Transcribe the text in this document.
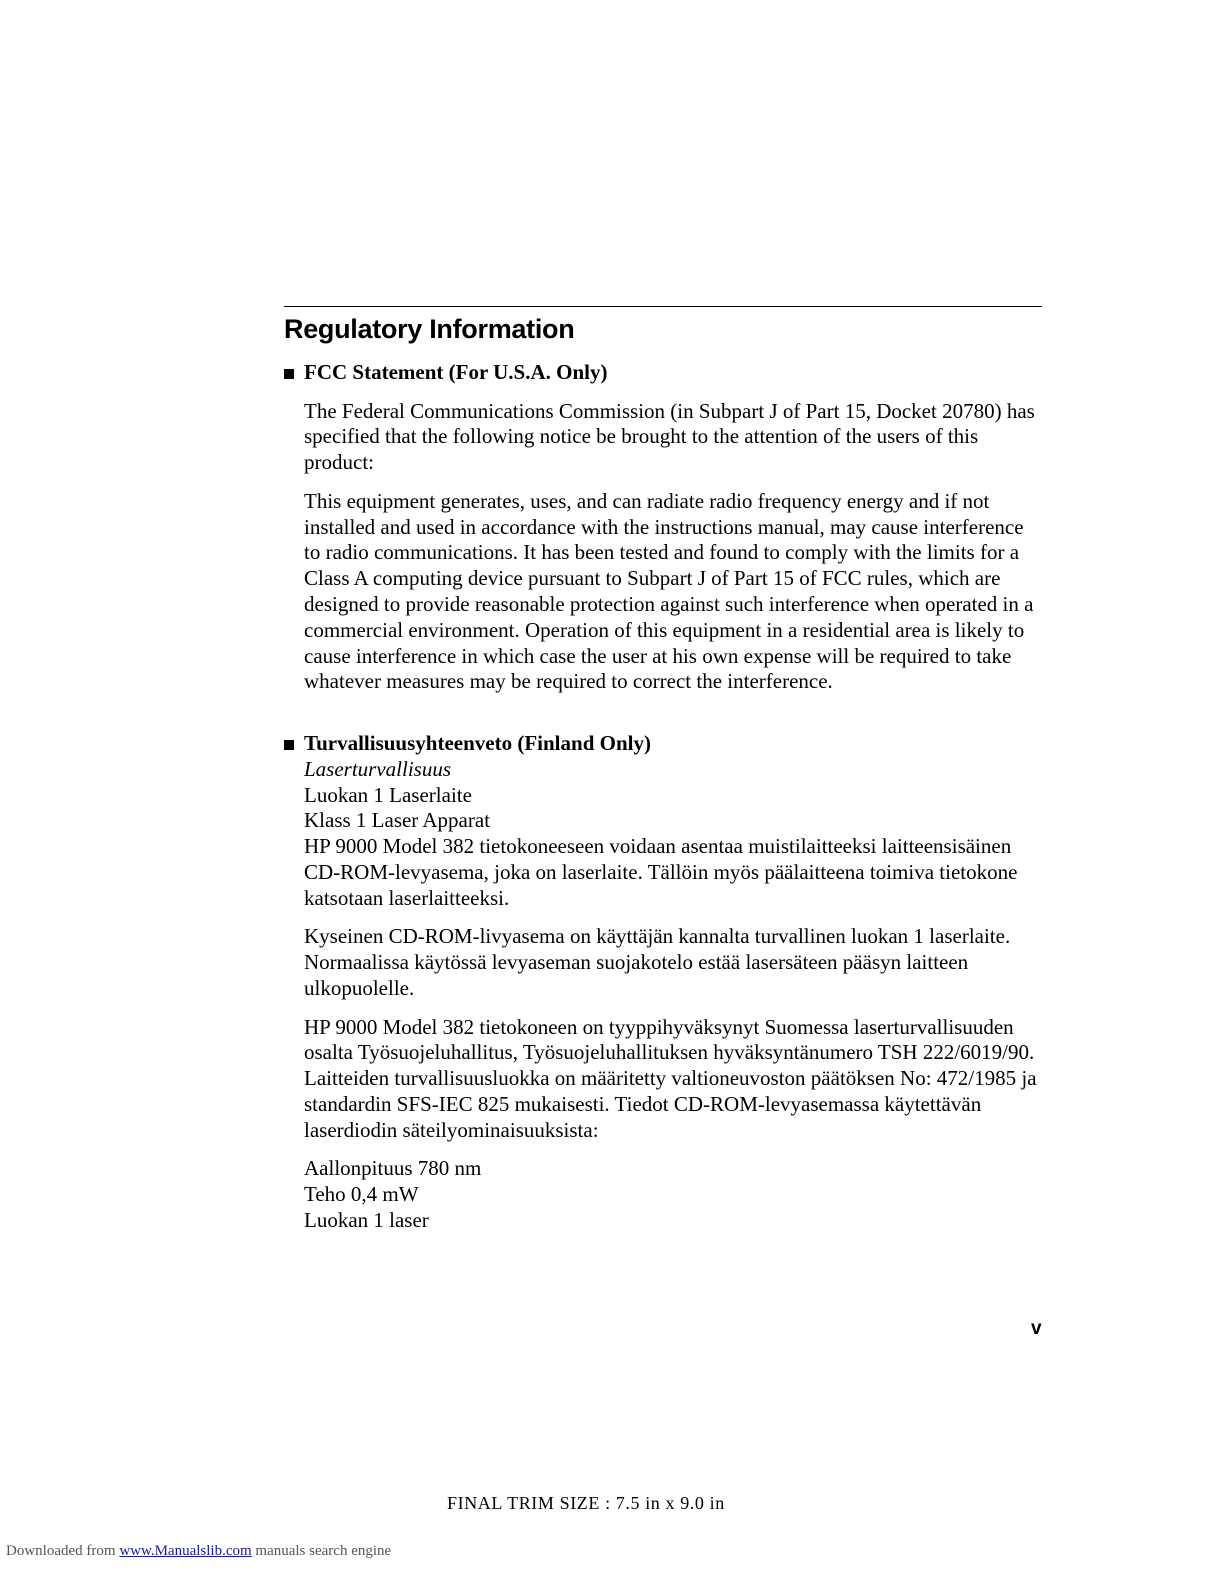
Regulatory Information

FCC Statement (For U.S.A. Only)

The Federal Communications Commission (in Subpart J of Part 15, Docket 20780) has specified that the following notice be brought to the attention of the users of this product:

This equipment generates, uses, and can radiate radio frequency energy and if not installed and used in accordance with the instructions manual, may cause interference to radio communications. It has been tested and found to comply with the limits for a Class A computing device pursuant to Subpart J of Part 15 of FCC rules, which are designed to provide reasonable protection against such interference when operated in a commercial environment. Operation of this equipment in a residential area is likely to cause interference in which case the user at his own expense will be required to take whatever measures may be required to correct the interference.

Turvallisuusyhteenveto (Finland Only)
Laserturvallisuus
Luokan 1 Laserlaite
Klass 1 Laser Apparat
HP 9000 Model 382 tietokoneeseen voidaan asentaa muistilaitteeksi laitteensisäinen CD-ROM-levyasema, joka on laserlaite. Tällöin myös päälaitteena toimiva tietokone katsotaan laserlaitteeksi.

Kyseinen CD-ROM-livyasema on käyttäjän kannalta turvallinen luokan 1 laserlaite. Normaalissa käytössä levyaseman suojakotelo estää lasersäteen pääsyn laitteen ulkopuolelle.

HP 9000 Model 382 tietokoneen on tyyppihyväksynyt Suomessa laserturvallisuuden osalta Työsuojeluhallitus, Työsuojeluhallituksen hyväksyntänumero TSH 222/6019/90. Laitteiden turvallisuusluokka on määritetty valtioneuvoston päätöksen No: 472/1985 ja standardin SFS-IEC 825 mukaisesti. Tiedot CD-ROM-levyasemassa käytettävän laserdiodin säteilyominaisuuksista:

Aallonpituus 780 nm
Teho 0,4 mW
Luokan 1 laser

v
FINAL TRIM SIZE : 7.5 in x 9.0 in
Downloaded from www.Manualslib.com manuals search engine
